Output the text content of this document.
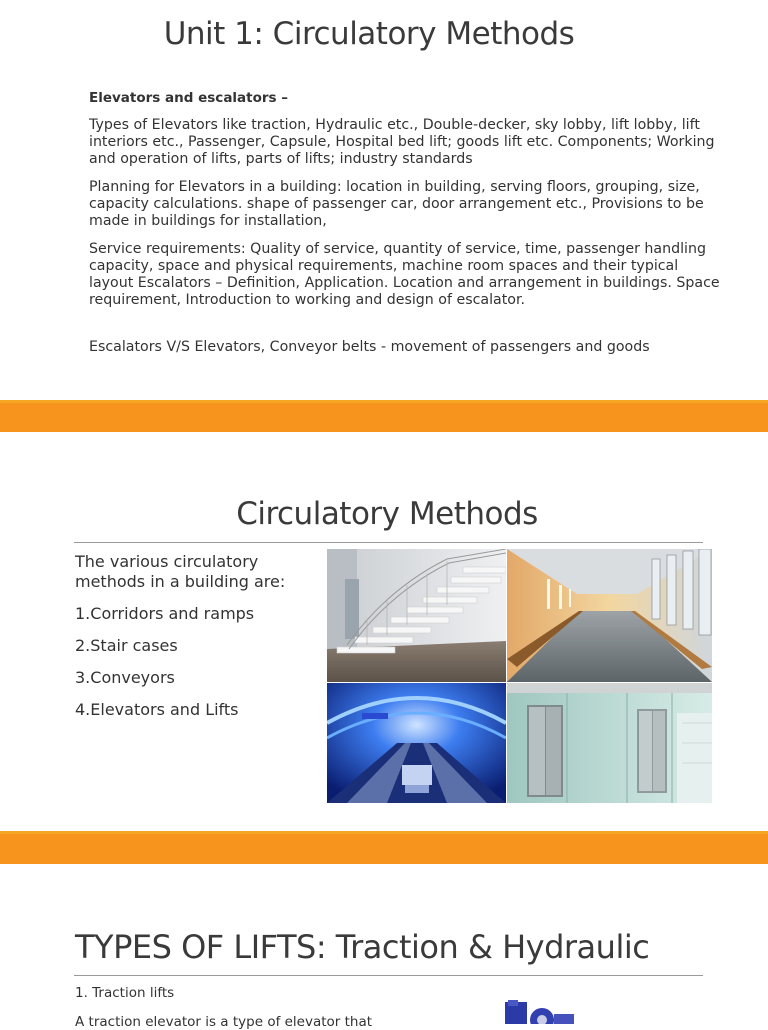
Unit 1: Circulatory Methods

Elevators and escalators –

Types of Elevators like traction, Hydraulic etc., Double-decker, sky lobby, lift lobby, lift interiors etc., Passenger, Capsule, Hospital bed lift; goods lift etc. Components; Working and operation of lifts, parts of lifts; industry standards

Planning for Elevators in a building: location in building, serving floors, grouping, size, capacity calculations. shape of passenger car, door arrangement etc., Provisions to be made in buildings for installation,

Service requirements: Quality of service, quantity of service, time, passenger handling capacity, space and physical requirements, machine room spaces and their typical layout Escalators – Definition, Application. Location and arrangement in buildings. Space requirement, Introduction to working and design of escalator.

Escalators V/S Elevators, Conveyor belts - movement of passengers and goods

Circulatory Methods

The various circulatory methods in a building are:

1.Corridors and ramps

2.Stair cases

3.Conveyors

4.Elevators and Lifts

TYPES OF LIFTS: Traction & Hydraulic
1. Traction lifts
A traction elevator is a type of elevator that
